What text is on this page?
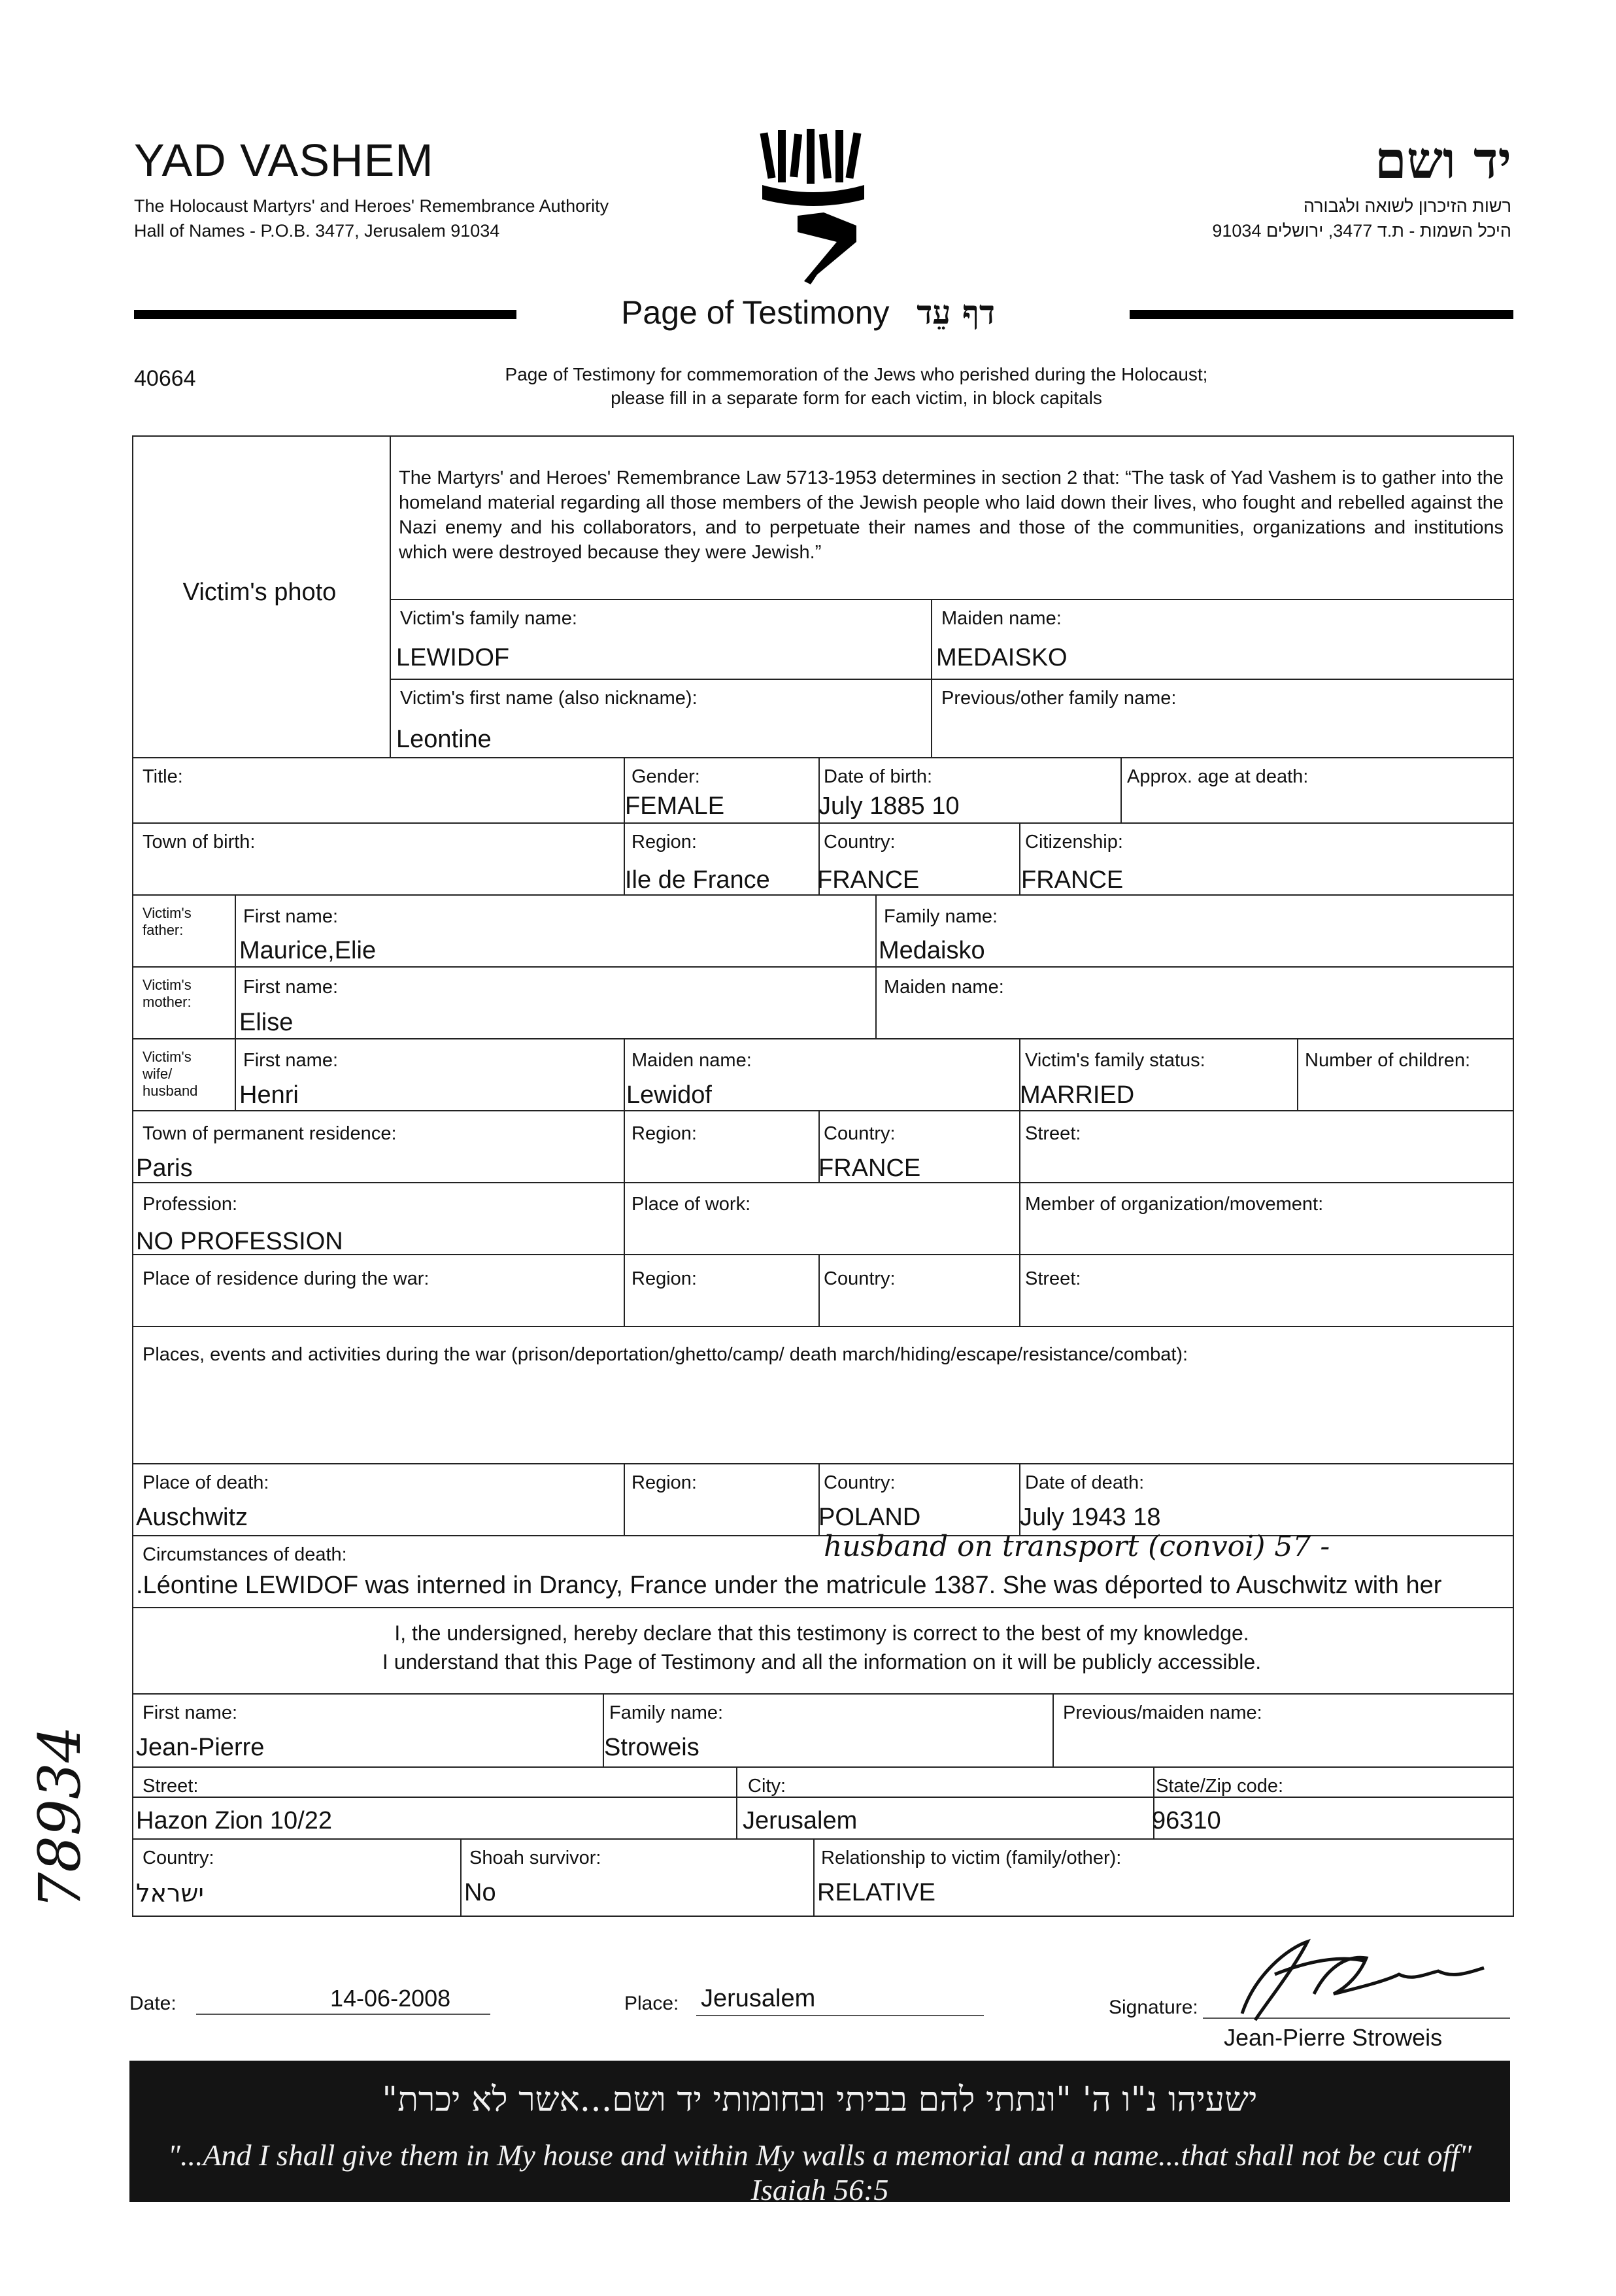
YAD VASHEM
The Holocaust Martyrs' and Heroes' Remembrance Authority
Hall of Names - P.O.B. 3477, Jerusalem 91034
יד ושם
רשות הזיכרון לשואה ולגבורה
היכל השמות - ת.ד 3477, ירושלים 91034
Page of Testimony דף עֵד
40664	Page of Testimony for commemoration of the Jews who perished during the Holocaust;
please fill in a separate form for each victim, in block capitals
The Martyrs' and Heroes' Remembrance Law 5713-1953 determines in section 2 that: “The task of Yad Vashem is to gather into the homeland material regarding all those members of the Jewish people who laid down their lives, who fought and rebelled against the Nazi enemy and his collaborators, and to perpetuate their names and those of the communities, organizations and institutions which were destroyed because they were Jewish.”
Victim's photo
Victim's family name:
LEWIDOF
Maiden name:
MEDAISKO
Victim's first name (also nickname):
Leontine
Previous/other family name:
Title:	Gender:
FEMALE
Date of birth:
July 1885 10
Approx. age at death:
Town of birth:	Region:
Ile de France
Country:
FRANCE
Citizenship:
FRANCE
Victim's
father:
First name:
Maurice,Elie
Family name:
Medaisko
Victim's
mother:
First name:
Elise
Maiden name:
Victim's
wife/
husband
First name:
Henri
Maiden name:
Lewidof
Victim's family status:
MARRIED
Number of children:
Town of permanent residence:
Paris
Region:	Country:
FRANCE
Street:
Profession:
NO PROFESSION
Place of work:	Member of organization/movement:
Place of residence during the war:	Region:	Country:	Street:
Places, events and activities during the war (prison/deportation/ghetto/camp/ death march/hiding/escape/resistance/combat):
Place of death:
Auschwitz
Region:	Country:
POLAND
Date of death:
July 1943 18
Circumstances of death:	husband on transport (convoi) 57 -
.Léontine LEWIDOF was interned in Drancy, France under the matricule 1387. She was déported to Auschwitz with her
I, the undersigned, hereby declare that this testimony is correct to the best of my knowledge.
I understand that this Page of Testimony and all the information on it will be publicly accessible.
First name:
Jean-Pierre
Family name:
Stroweis
Previous/maiden name:
Street:
Hazon Zion 10/22
City:
Jerusalem
State/Zip code:
96310
Country:
ישראל
Shoah survivor:
No
Relationship to victim (family/other):
RELATIVE
78934
Date:	14-06-2008	Place: Jerusalem	Signature:
Jean-Pierre Stroweis
ישעיהו נ"ו ה' "ונתתי להם בביתי ובחומותי יד ושם...אשר לא יכרת"
"...And I shall give them in My house and within My walls a memorial and a name...that shall not be cut off" Isaiah 56:5
